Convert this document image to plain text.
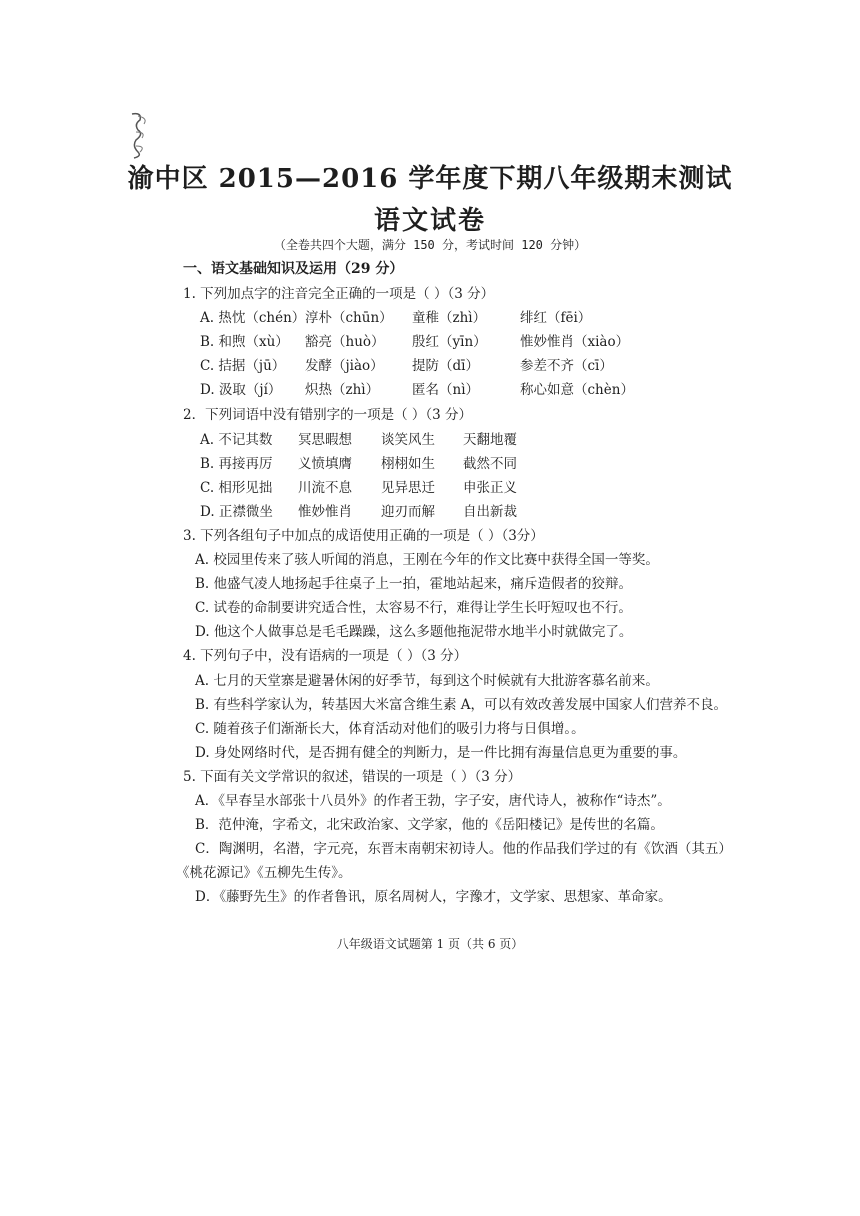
渝中区 2015—2016 学年度下期八年级期末测试
语文试卷
（全卷共四个大题，满分 150 分，考试时间 120 分钟）
一、语文基础知识及运用（29 分）
1. 下列加点字的注音完全正确的一项是（ ）（3 分）
A. 热忱（chén） 淳朴（chūn） 童稚（zhì）	绯红（fēi）
B. 和煦（xù） 豁亮（huò） 殷红（yīn） 惟妙惟肖（xiào）
C. 拮据（jū） 发酵（jiào） 提防（dī）	参差不齐（cī）
D. 汲取（jí） 炽热（zhì） 匿名（nì）	称心如意（chèn）
2．下列词语中没有错别字的一项是（ ）（3 分）
A. 不记其数 冥思暇想 谈笑风生 天翻地覆
B. 再接再厉 义愤填膺 栩栩如生 截然不同
C. 相形见拙 川流不息 见异思迁 申张正义
D. 正襟微坐 惟妙惟肖 迎刃而解 自出新裁
3. 下列各组句子中加点的成语使用正确的一项是（ ）（3分）
A. 校园里传来了骇人听闻的消息，王刚在今年的作文比赛中获得全国一等奖。
B. 他盛气凌人地扬起手往桌子上一拍，霍地站起来，痛斥造假者的狡辩。
C. 试卷的命制要讲究适合性，太容易不行，难得让学生长吁短叹也不行。
D. 他这个人做事总是毛毛躁躁，这么多题他拖泥带水地半小时就做完了。
4. 下列句子中，没有语病的一项是（ ）（3 分）
A. 七月的天堂寨是避暑休闲的好季节，每到这个时候就有大批游客慕名前来。
B. 有些科学家认为，转基因大米富含维生素 A，可以有效改善发展中国家人们营养不良。
C. 随着孩子们渐渐长大，体育活动对他们的吸引力将与日俱增。。
D. 身处网络时代，是否拥有健全的判断力，是一件比拥有海量信息更为重要的事。
5. 下面有关文学常识的叙述，错误的一项是（ ）（3 分）
A．《早春呈水部张十八员外》的作者王勃，字子安，唐代诗人，被称作“诗杰”。
B．范仲淹，字希文，北宋政治家、文学家，他的《岳阳楼记》是传世的名篇。
C．陶渊明，名潜，字元亮，东晋末南朝宋初诗人。他的作品我们学过的有《饮酒（其五）
《桃花源记》《五柳先生传》。
D．《藤野先生》的作者鲁讯，原名周树人，字豫才，文学家、思想家、革命家。
八年级语文试题第 1 页（共 6 页）
